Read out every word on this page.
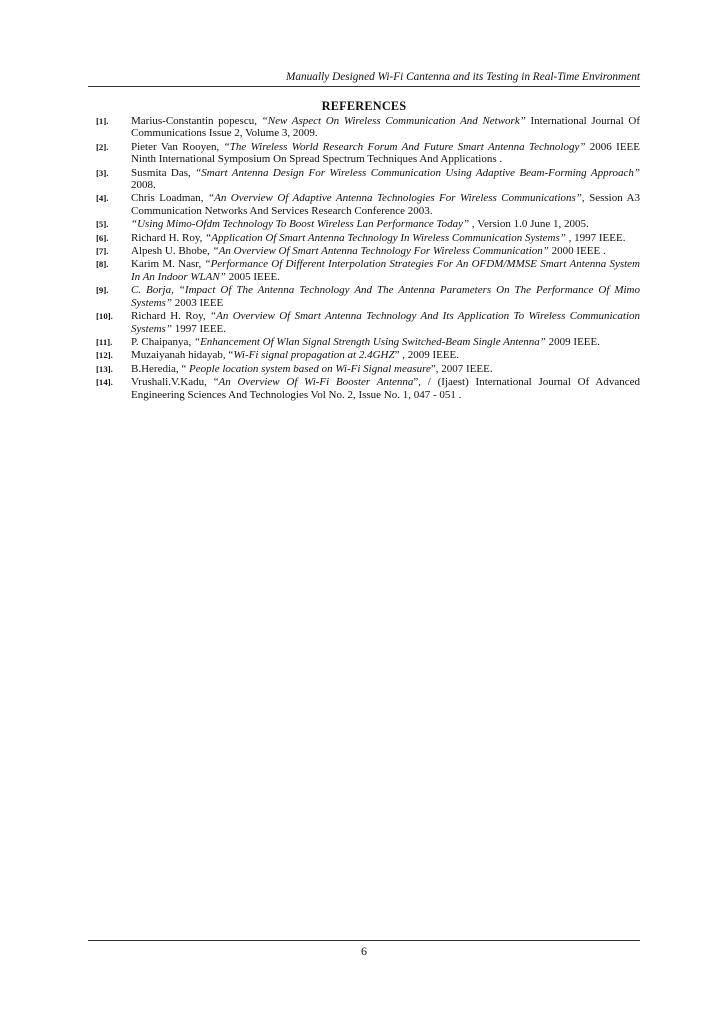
Manually Designed Wi-Fi Cantenna and its Testing in Real-Time Environment
REFERENCES
[1].	Marius-Constantin popescu, “New Aspect On Wireless Communication And Network” International Journal Of Communications Issue 2, Volume 3, 2009.
[2].	Pieter Van Rooyen, “The Wireless World Research Forum And Future Smart Antenna Technology” 2006 IEEE Ninth International Symposium On Spread Spectrum Techniques And Applications .
[3].	Susmita Das, “Smart Antenna Design For Wireless Communication Using Adaptive Beam-Forming Approach” 2008.
[4].	Chris Loadman, “An Overview Of Adaptive Antenna Technologies For Wireless Communications”, Session A3 Communication Networks And Services Research Conference 2003.
[5].	“Using Mimo-Ofdm Technology To Boost Wireless Lan Performance Today” , Version 1.0 June 1, 2005.
[6].	Richard H. Roy, “Application Of Smart Antenna Technology In Wireless Communication Systems” , 1997 IEEE.
[7].	Alpesh U. Bhobe, “An Overview Of Smart Antenna Technology For Wireless Communication” 2000 IEEE .
[8].	Karim M. Nasr, “Performance Of Different Interpolation Strategies For An OFDM/MMSE Smart Antenna System In An Indoor WLAN” 2005 IEEE.
[9].	C. Borja, “Impact Of The Antenna Technology And The Antenna Parameters On The Performance Of Mimo Systems” 2003 IEEE
[10].	Richard H. Roy, “An Overview Of Smart Antenna Technology And Its Application To Wireless Communication Systems” 1997 IEEE.
[11].	P. Chaipanya, “Enhancement Of Wlan Signal Strength Using Switched-Beam Single Antenna” 2009 IEEE.
[12].	Muzaiyanah hidayab, “Wi-Fi signal propagation at 2.4GHZ” , 2009 IEEE.
[13].	B.Heredia, “ People location system based on Wi-Fi Signal measure”, 2007 IEEE.
[14].	Vrushali.V.Kadu, “An Overview Of Wi-Fi Booster Antenna”, / (Ijaest) International Journal Of Advanced Engineering Sciences And Technologies Vol No. 2, Issue No. 1, 047 - 051 .
6
